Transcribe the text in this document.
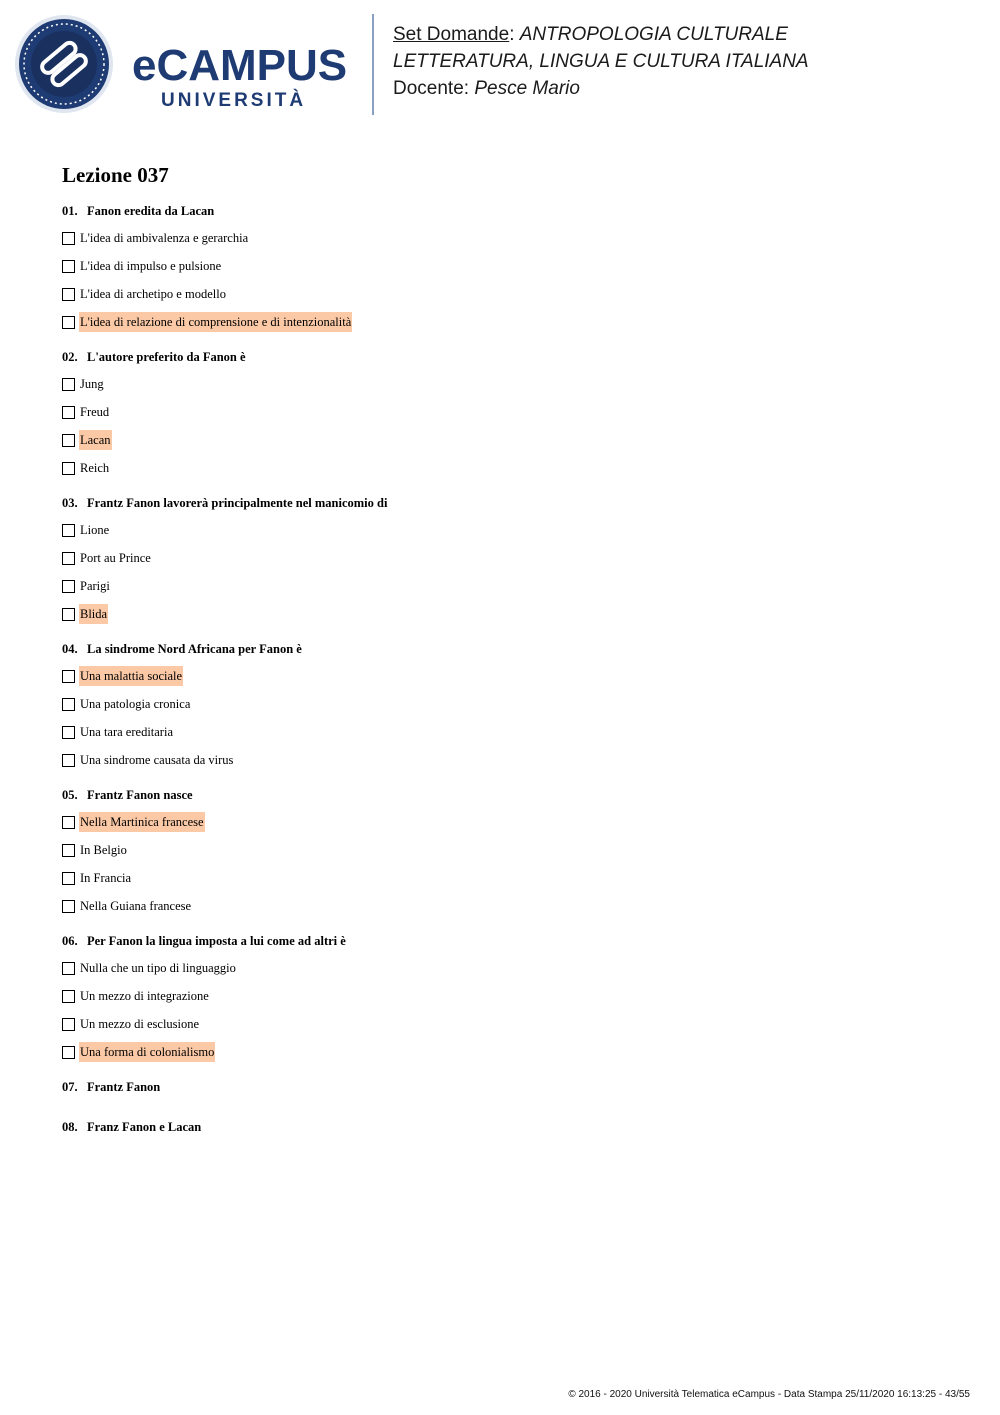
eCAMPUS
UNIVERSITÀ
Set Domande: ANTROPOLOGIA CULTURALE
LETTERATURA, LINGUA E CULTURA ITALIANA
Docente: Pesce Mario
Lezione 037
01. Fanon eredita da Lacan
L'idea di ambivalenza e gerarchia
L'idea di impulso e pulsione
L'idea di archetipo e modello
L'idea di relazione di comprensione e di intenzionalità
02. L'autore preferito da Fanon è
Jung
Freud
Lacan
Reich
03. Frantz Fanon lavorerà principalmente nel manicomio di
Lione
Port au Prince
Parigi
Blida
04. La sindrome Nord Africana per Fanon è
Una malattia sociale
Una patologia cronica
Una tara ereditaria
Una sindrome causata da virus
05. Frantz Fanon nasce
Nella Martinica francese
In Belgio
In Francia
Nella Guiana francese
06. Per Fanon la lingua imposta a lui come ad altri è
Nulla che un tipo di linguaggio
Un mezzo di integrazione
Un mezzo di esclusione
Una forma di colonialismo
07. Frantz Fanon
08. Franz Fanon e Lacan
© 2016 - 2020 Università Telematica eCampus - Data Stampa 25/11/2020 16:13:25 - 43/55
